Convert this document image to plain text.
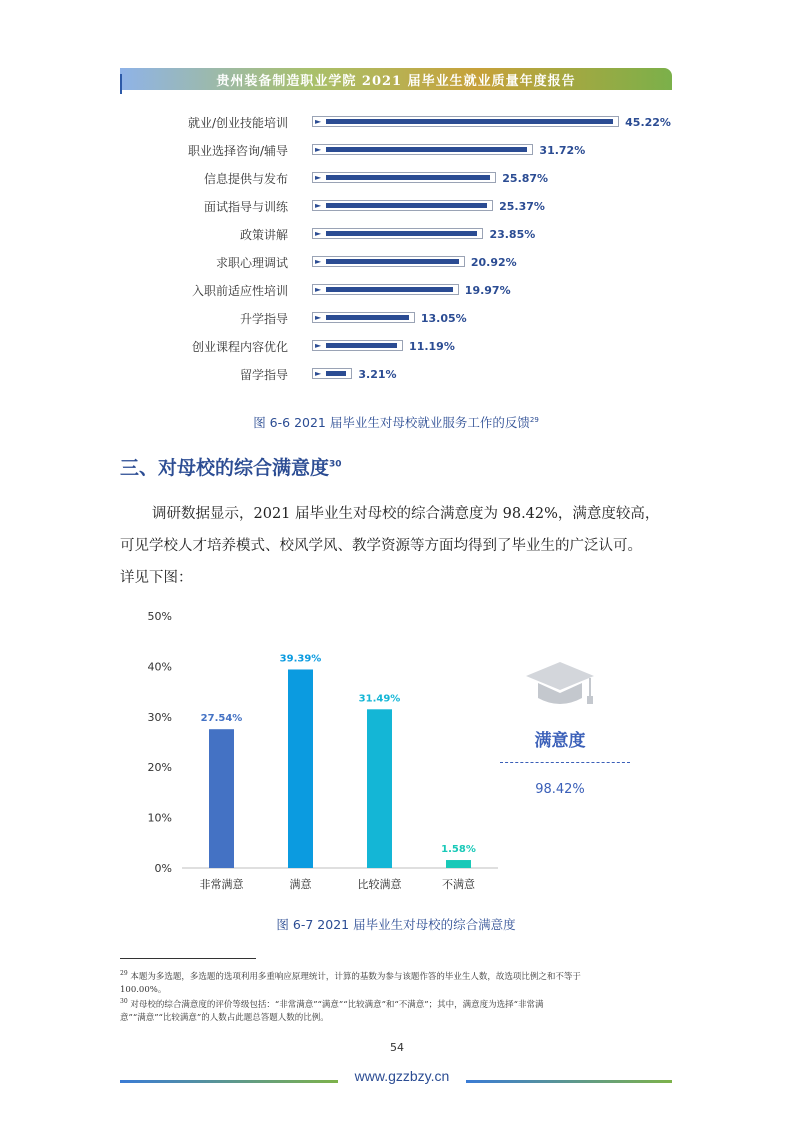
贵州装备制造职业学院 2021 届毕业生就业质量年度报告
就业/创业技能培训	►	45.22%
职业选择咨询/辅导	►	31.72%
信息提供与发布	►	25.87%
面试指导与训练	►	25.37%
政策讲解	►	23.85%
求职心理调试	►	20.92%
入职前适应性培训	►	19.97%
升学指导	►	13.05%
创业课程内容优化	►	11.19%
留学指导	►	3.21%
图 6-6 2021 届毕业生对母校就业服务工作的反馈$^{29}$
三、对母校的综合满意度$^{30}$
调研数据显示，2021 届毕业生对母校的综合满意度为 98.42%，满意度较高，
可见学校人才培养模式、校风学风、教学资源等方面均得到了毕业生的广泛认可。
详见下图：
0%
10%
20%
30%
40%
50%
27.54%
非常满意
39.39%
满意
31.49%
比较满意
1.58%
不满意
满意度
98.42%
图 6-7 2021 届毕业生对母校的综合满意度
$^{29}$ 本题为多选题，多选题的选项利用多重响应原理统计，计算的基数为参与该题作答的毕业生人数，故选项比例之和不等于
100.00%。
$^{30}$ 对母校的综合满意度的评价等级包括：“非常满意”“满意”“比较满意”和“不满意”；其中，满意度为选择“非常满
意”“满意”“比较满意”的人数占此题总答题人数的比例。
54
www.gzzbzy.cn
